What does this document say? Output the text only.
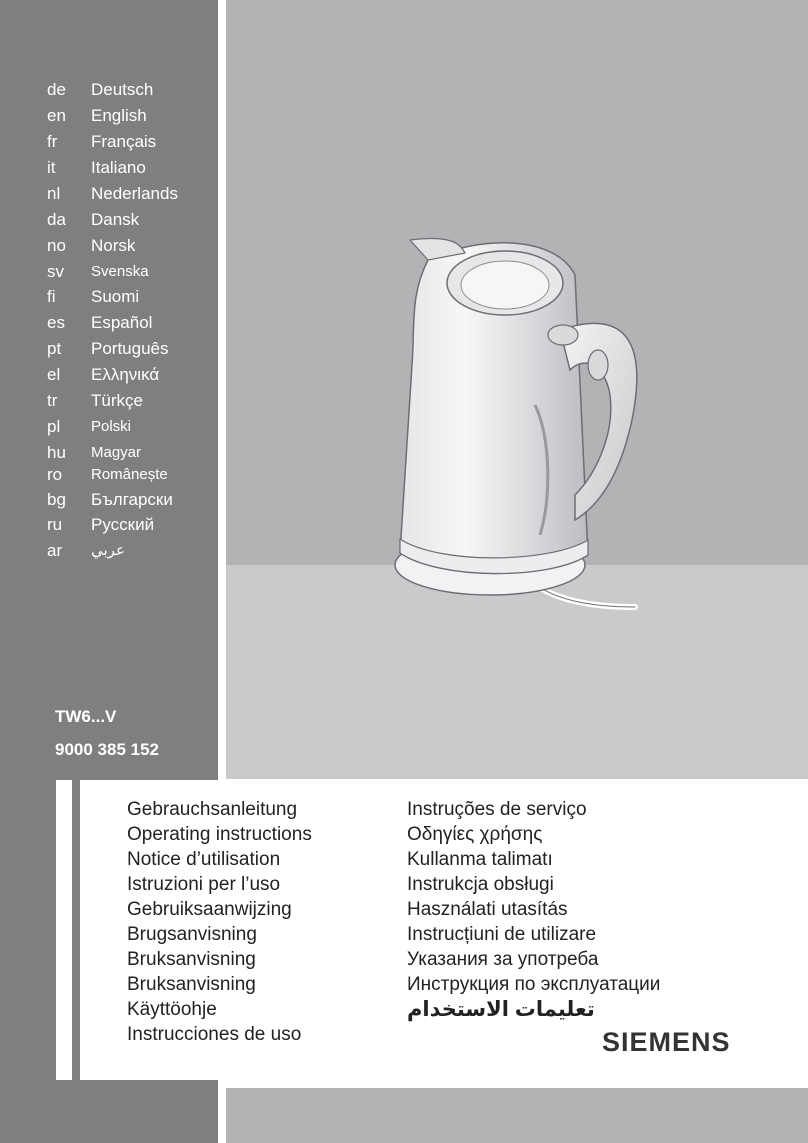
de	Deutsch
en	English
fr	Français
it	Italiano
nl	Nederlands
da	Dansk
no	Norsk
sv	Svenska
fi	Suomi
es	Español
pt	Português
el	Ελληνικά
tr	Türkçe
pl	Polski
hu	Magyar
ro	Românește
bg	Български
ru	Русский
ar	عربي
TW6...V
9000 385 152
Gebrauchsanleitung
Operating instructions
Notice d’utilisation
Istruzioni per l’uso
Gebruiksaanwijzing
Brugsanvisning
Bruksanvisning
Bruksanvisning
Käyttöohje
Instrucciones de uso
Instruções de serviço
Οδηγίες χρήσης
Kullanma talimatı
Instrukcja obsługi
Használati utasítás
Instrucțiuni de utilizare
Указания за употреба
Инструкция по эксплуатации
تعليمات الاستخدام
SIEMENS
